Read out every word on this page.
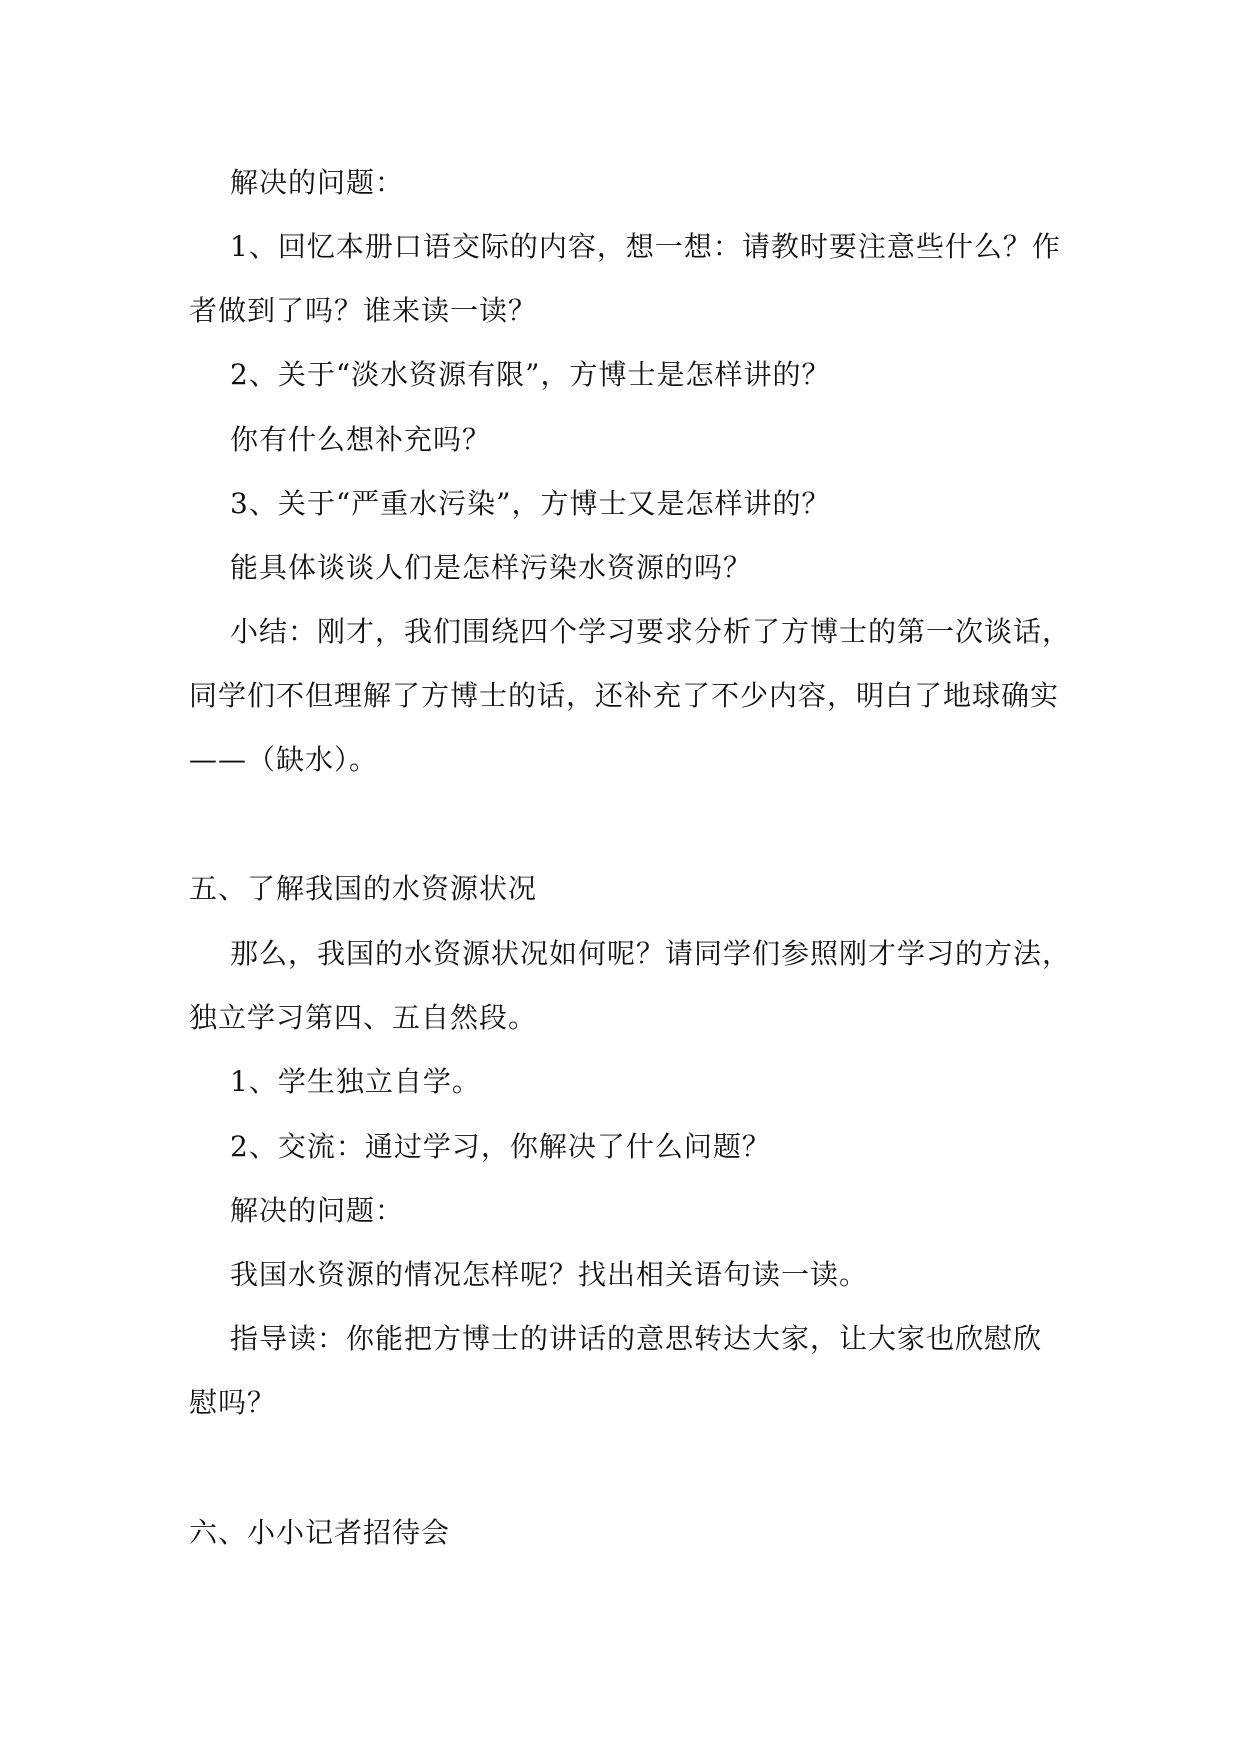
解决的问题：
1、回忆本册口语交际的内容，想一想：请教时要注意些什么？作
者做到了吗？谁来读一读？
2、关于“淡水资源有限”，方博士是怎样讲的？
你有什么想补充吗？
3、关于“严重水污染”，方博士又是怎样讲的？
能具体谈谈人们是怎样污染水资源的吗？
小结：刚才，我们围绕四个学习要求分析了方博士的第一次谈话，
同学们不但理解了方博士的话，还补充了不少内容，明白了地球确实
——（缺水）。
五、了解我国的水资源状况
那么，我国的水资源状况如何呢？请同学们参照刚才学习的方法，
独立学习第四、五自然段。
1、学生独立自学。
2、交流：通过学习，你解决了什么问题？
解决的问题：
我国水资源的情况怎样呢？找出相关语句读一读。
指导读：你能把方博士的讲话的意思转达大家，让大家也欣慰欣
慰吗？
六、小小记者招待会
